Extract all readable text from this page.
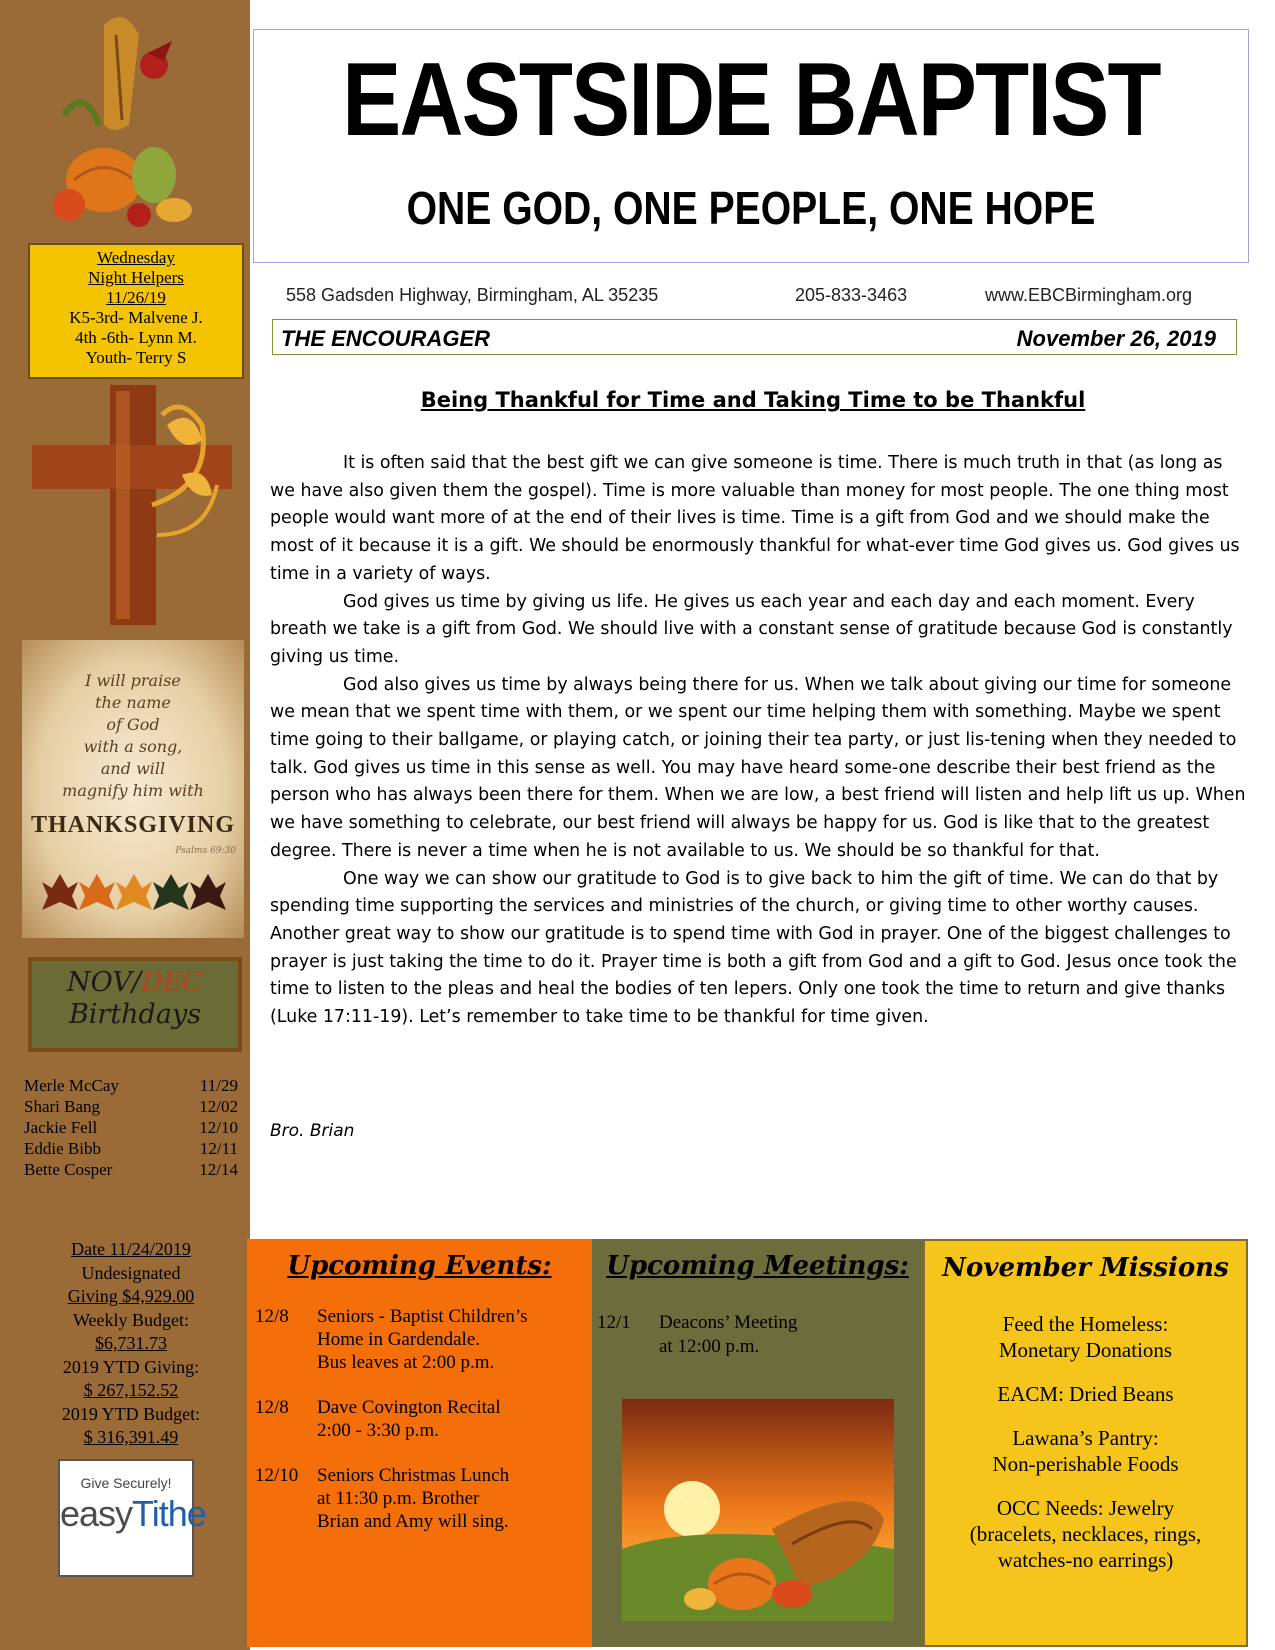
Wednesday
Night Helpers
11/26/19
K5-3rd- Malvene J.
4th -6th- Lynn M.
Youth- Terry S
I will praise
the name
of God
with a song,
and will
magnify him with
THANKSGIVING
Psalms 69:30
NOV/DEC
Birthdays
Merle McCay	11/29
Shari Bang	12/02
Jackie Fell	12/10
Eddie Bibb	12/11
Bette Cosper	12/14
Date 11/24/2019
Undesignated
Giving $4,929.00
Weekly Budget:
$6,731.73
2019 YTD Giving:
$ 267,152.52
2019 YTD Budget:
$ 316,391.49
Give Securely!
easyTithe
EASTSIDE BAPTIST
ONE GOD, ONE PEOPLE, ONE HOPE
558 Gadsden Highway, Birmingham, AL 35235	205-833-3463	www.EBCBirmingham.org
THE ENCOURAGER	November 26, 2019
Being Thankful for Time and Taking Time to be Thankful

It is often said that the best gift we can give someone is time. There is much truth in that (as long as we have also given them the gospel). Time is more valuable than money for most people. The one thing most people would want more of at the end of their lives is time. Time is a gift from God and we should make the most of it because it is a gift. We should be enormously thankful for what-ever time God gives us. God gives us time in a variety of ways.

God gives us time by giving us life. He gives us each year and each day and each moment. Every breath we take is a gift from God. We should live with a constant sense of gratitude because God is constantly giving us time.

God also gives us time by always being there for us. When we talk about giving our time for someone we mean that we spent time with them, or we spent our time helping them with something. Maybe we spent time going to their ballgame, or playing catch, or joining their tea party, or just lis-tening when they needed to talk. God gives us time in this sense as well. You may have heard some-one describe their best friend as the person who has always been there for them. When we are low, a best friend will listen and help lift us up. When we have something to celebrate, our best friend will always be happy for us. God is like that to the greatest degree. There is never a time when he is not available to us. We should be so thankful for that.

One way we can show our gratitude to God is to give back to him the gift of time. We can do that by spending time supporting the services and ministries of the church, or giving time to other worthy causes. Another great way to show our gratitude is to spend time with God in prayer. One of the biggest challenges to prayer is just taking the time to do it. Prayer time is both a gift from God and a gift to God. Jesus once took the time to listen to the pleas and heal the bodies of ten lepers. Only one took the time to return and give thanks (Luke 17:11-19). Let’s remember to take time to be thankful for time given.

Bro. Brian
Upcoming Events:
12/8 Seniors - Baptist Children’s
Home in Gardendale.
Bus leaves at 2:00 p.m.
12/8 Dave Covington Recital
2:00 - 3:30 p.m.
12/10 Seniors Christmas Lunch
at 11:30 p.m. Brother
Brian and Amy will sing.
Upcoming Meetings:
12/1 Deacons’ Meeting
at 12:00 p.m.
November Missions
Feed the Homeless:
Monetary Donations
EACM: Dried Beans
Lawana’s Pantry:
Non-perishable Foods
OCC Needs: Jewelry
(bracelets, necklaces, rings,
watches-no earrings)
